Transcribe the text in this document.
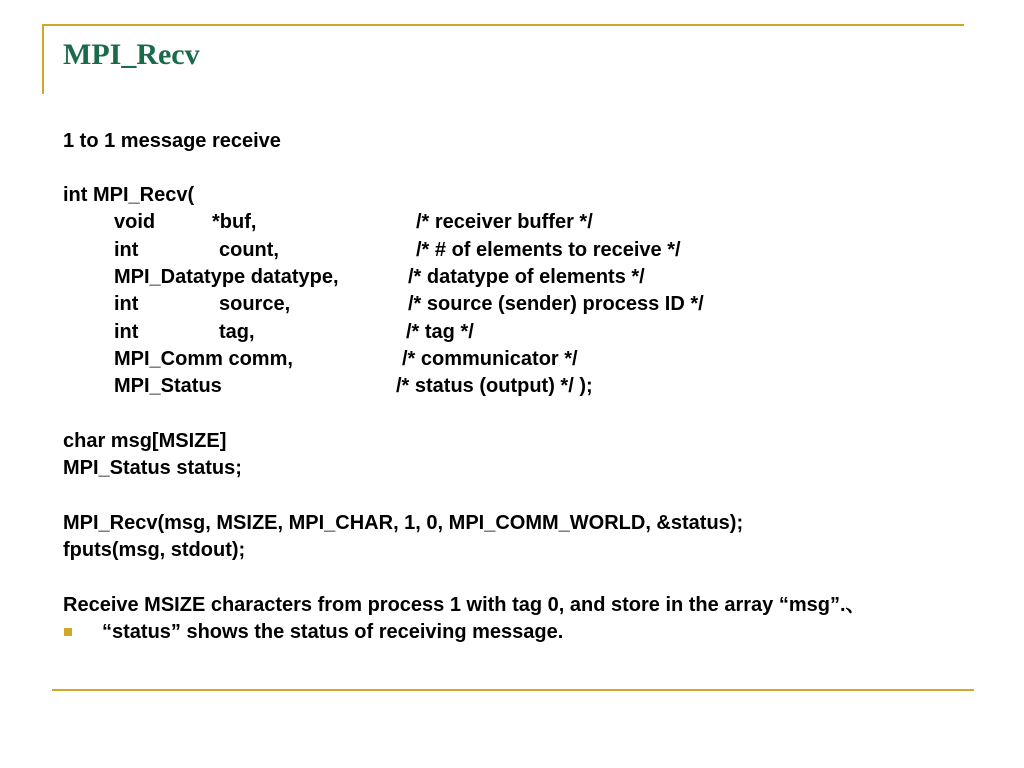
MPI_Recv
1 to 1 message receive
int MPI_Recv(
void	*buf,	/* receiver buffer */
int	count,	/* # of elements to receive */
MPI_Datatype datatype,	/* datatype of elements */
int	source,	/* source (sender) process ID */
int	tag,	/* tag */
MPI_Comm comm,	/* communicator */
MPI_Status	/* status (output) */ );
char msg[MSIZE]
MPI_Status status;
MPI_Recv(msg, MSIZE, MPI_CHAR, 1, 0, MPI_COMM_WORLD, &status);
fputs(msg, stdout);
Receive MSIZE characters from process 1 with tag 0, and store in the array “msg”.、
“status” shows the status of receiving message.
